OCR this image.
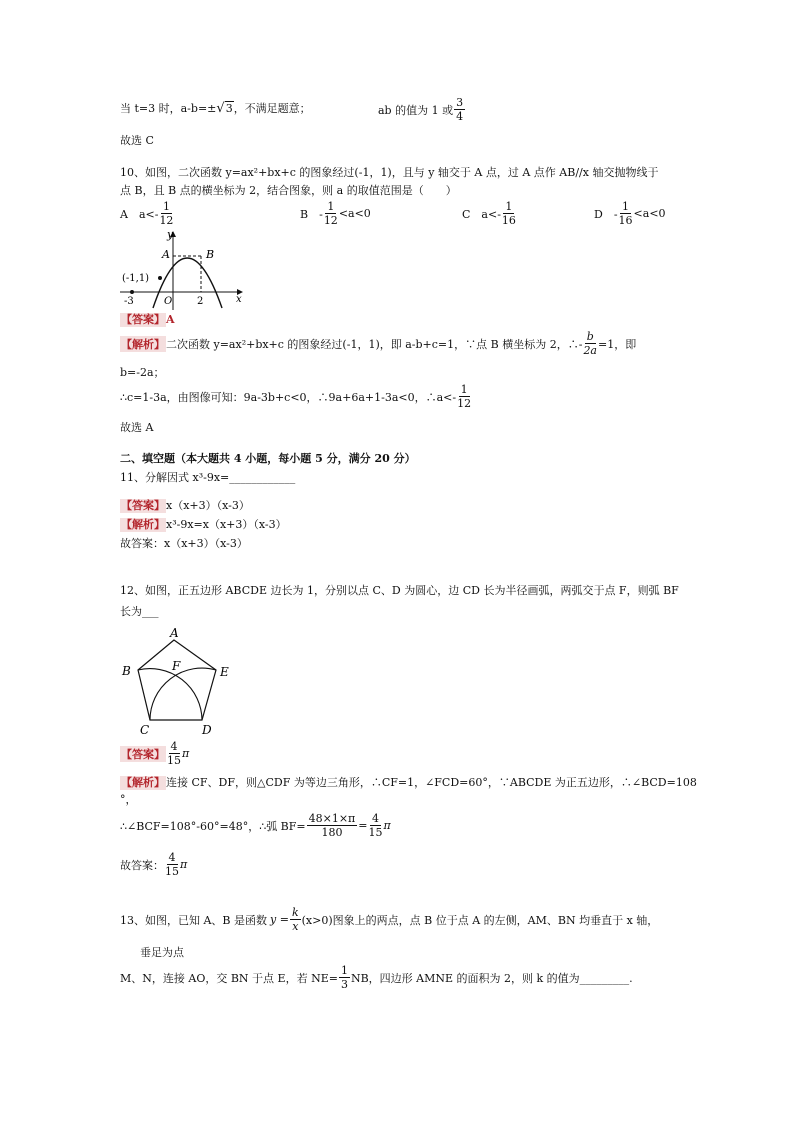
当 t=3 时，a-b=±√3，不满足题意；	ab 的值为 1 或 $\frac{3}{4}$
故选 C
10、如图，二次函数 y=ax²+bx+c 的图象经过(-1，1)，且与 y 轴交于 A 点，过 A 点作 AB//x 轴交抛物线于
点 B，且 B 点的横坐标为 2，结合图象，则 a 的取值范围是（　　）
A　$a<- \frac{1}{12}$	B　- $\frac{1}{12} <a<0$	C　$a<- \frac{1}{16}$	D　- $\frac{1}{16} <a<0$
y
A	B
(-1,1)
-3	O 2	x
【答案】A
【解析】 二次函数 y=ax²+bx+c 的图象经过(-1，1)，即 a-b+c=1，∵点 B 横坐标为 2，∴- $\frac{b}{2a} =1$，即
b=-2a；
∴c=1-3a，由图像可知：9a-3b+c<0，∴9a+6a+1-3a<0，∴a<- $\frac{1}{12}$
故选 A
二、填空题（本大题共 4 小题，每小题 5 分，满分 20 分）
11、分解因式 x³-9x=____________
【答案】x（x+3）（x-3）
【解析】x³-9x=x（x+3）（x-3）
故答案：x（x+3）（x-3）
12、如图，正五边形 ABCDE 边长为 1，分别以点 C、D 为圆心，边 CD 长为半径画弧，两弧交于点 F，则弧 BF
长为___
A
B
C	D
E
F
【答案】 $\frac{4}{15}$ π
【解析】连接 CF、DF，则△CDF 为等边三角形，∴CF=1，∠FCD=60°，∵ABCDE 为正五边形，∴∠BCD=108
°，
∴∠BCF=108°-60°=48°，∴弧 $BF= \frac{48\times 1\times\pi}{180} = \frac{4}{15}$ π
故答案： $\frac{4}{15}$ π
13、如图，已知 A、B 是函数 $y = \frac{k}{x} (x>0)$图象上的两点，点 B 位于点 A 的左侧，AM、BN 均垂直于 x 轴，
垂足为点
M、N，连接 AO，交 BN 于点 E，若 $NE= \frac{1}{3}$ NB，四边形 AMNE 的面积为 2，则 k 的值为_________.
